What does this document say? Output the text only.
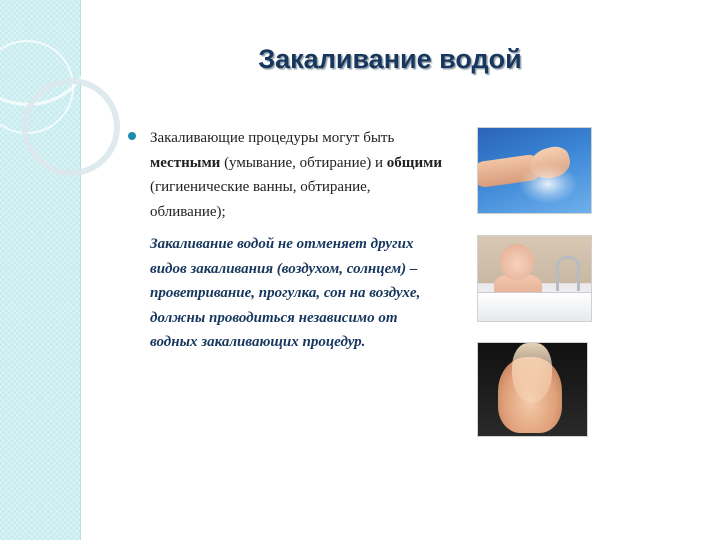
Закаливание водой
Закаливающие процедуры могут быть местными (умывание, обтирание) и общими (гигиенические ванны, обтирание, обливание);
Закаливание водой не отменяет других видов закаливания (воздухом, солнцем) – проветривание, прогулка, сон на воздухе, должны проводиться независимо от водных закаливающих процедур.
